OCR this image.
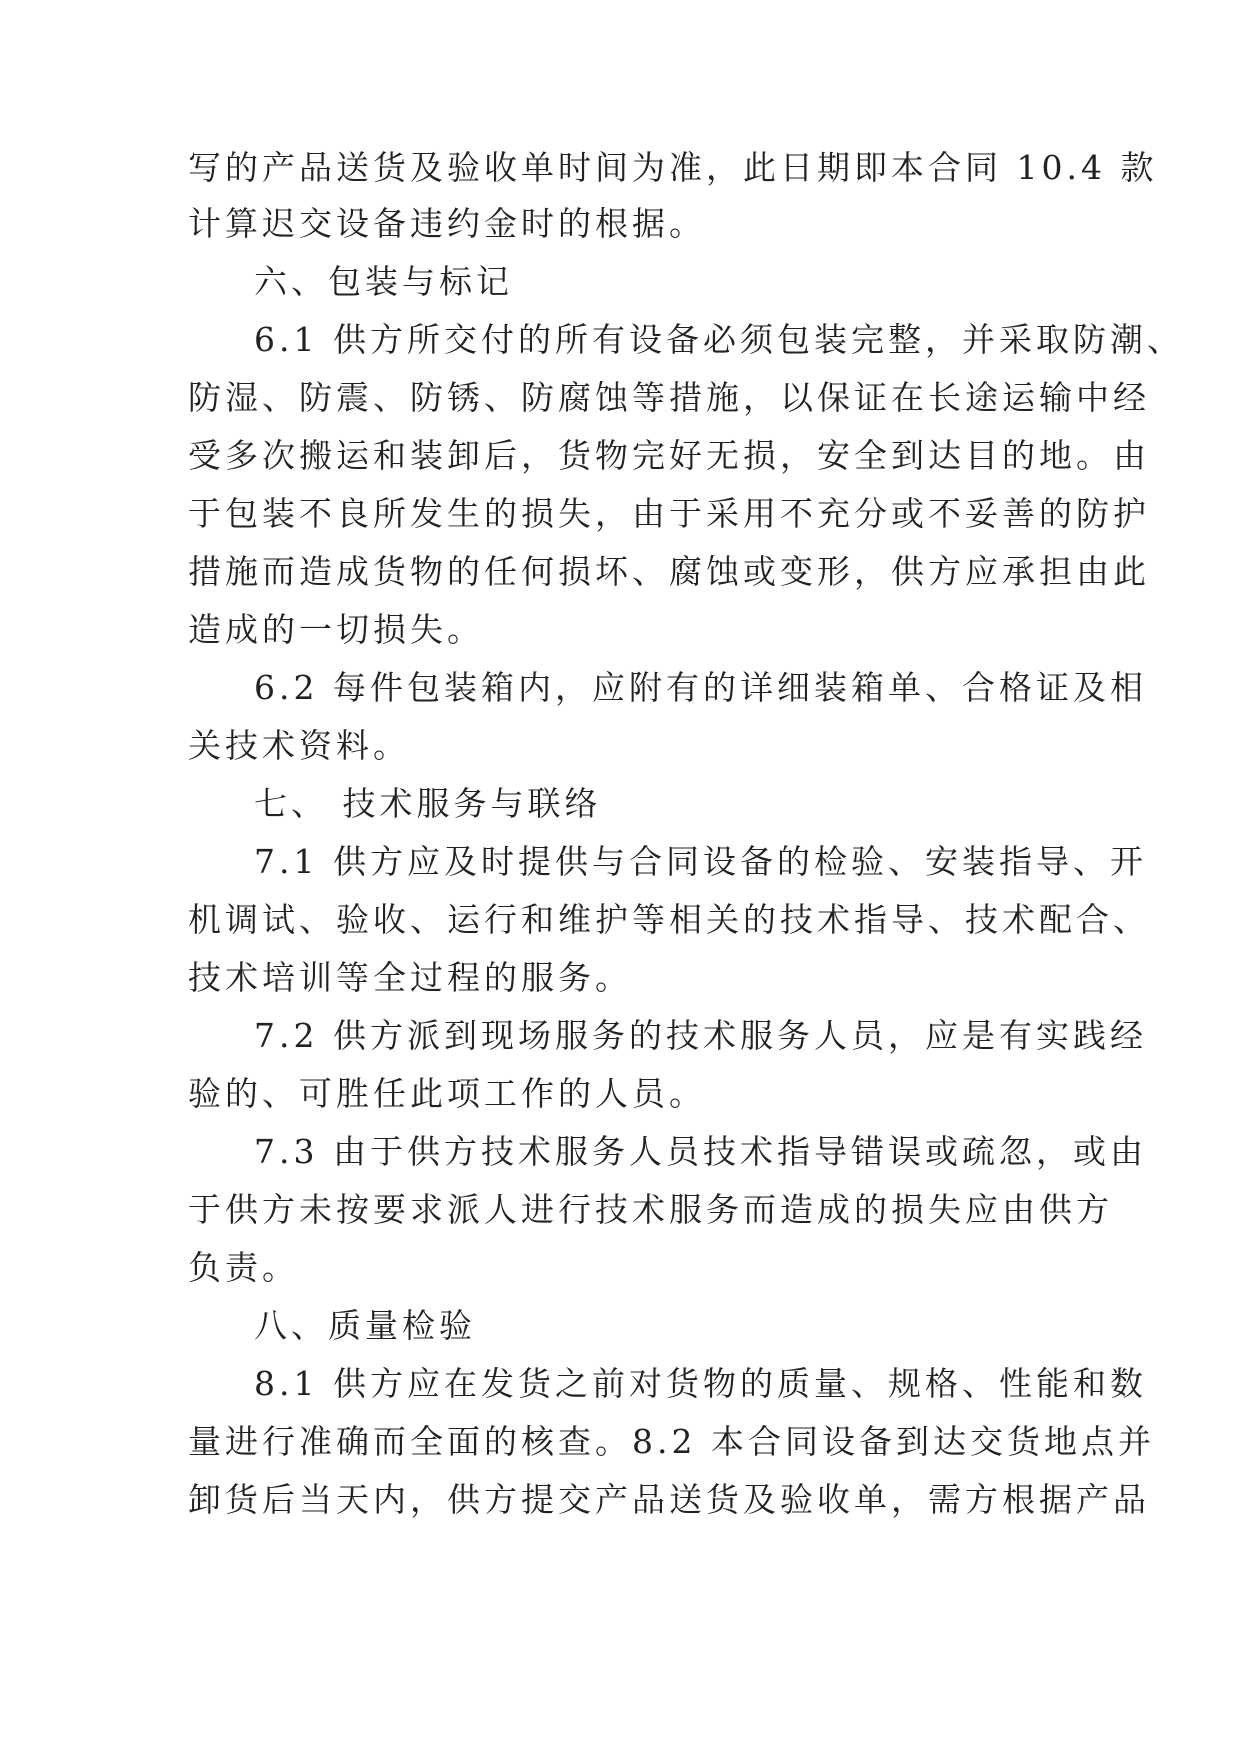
写的产品送货及验收单时间为准，此日期即本合同 10.4 款
计算迟交设备违约金时的根据。
六、包装与标记
6.1 供方所交付的所有设备必须包装完整，并采取防潮、
防湿、防震、防锈、防腐蚀等措施，以保证在长途运输中经
受多次搬运和装卸后，货物完好无损，安全到达目的地。由
于包装不良所发生的损失，由于采用不充分或不妥善的防护
措施而造成货物的任何损坏、腐蚀或变形，供方应承担由此
造成的一切损失。
6.2 每件包装箱内，应附有的详细装箱单、合格证及相
关技术资料。
七、 技术服务与联络
7.1 供方应及时提供与合同设备的检验、安装指导、开
机调试、验收、运行和维护等相关的技术指导、技术配合、
技术培训等全过程的服务。
7.2 供方派到现场服务的技术服务人员，应是有实践经
验的、可胜任此项工作的人员。
7.3 由于供方技术服务人员技术指导错误或疏忽，或由
于供方未按要求派人进行技术服务而造成的损失应由供方
负责。
八、质量检验
8.1 供方应在发货之前对货物的质量、规格、性能和数
量进行准确而全面的核查。8.2 本合同设备到达交货地点并
卸货后当天内，供方提交产品送货及验收单，需方根据产品
